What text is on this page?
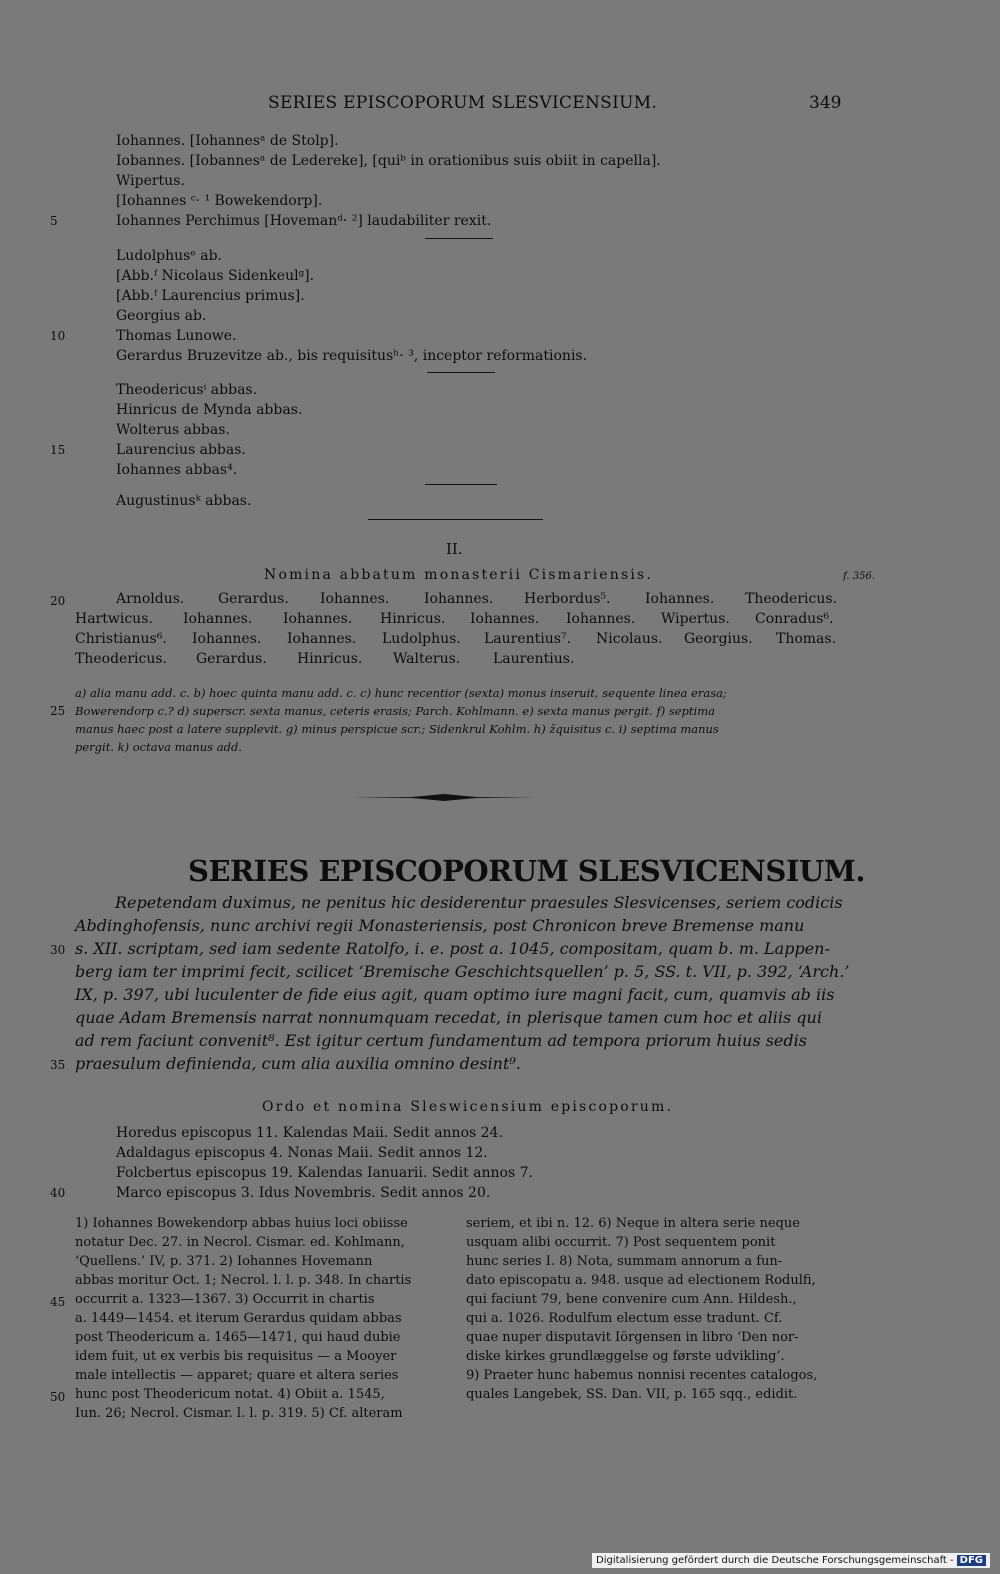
SERIES EPISCOPORUM SLESVICENSIUM.	349
Iohannes. [Iohannesᵃ de Stolp].
Iobannes. [Iobannesᵃ de Ledereke], [quiᵇ in orationibus suis obiit in capella].
Wipertus.
[Iohannes ᶜ· ¹ Bowekendorp].
5	Iohannes Perchimus [Hovemanᵈ· ²] laudabiliter rexit.
Ludolphusᵉ ab.
[Abb.ᶠ Nicolaus Sidenkeulᵍ].
[Abb.ᶠ Laurencius primus].
Georgius ab.
10	Thomas Lunowe.
Gerardus Bruzevitze ab., bis requisitusʰ· ³, inceptor reformationis.
Theodericusⁱ abbas.
Hinricus de Mynda abbas.
Wolterus abbas.
15	Laurencius abbas.
Iohannes abbas⁴.
Augustinusᵏ abbas.
II.
Nomina abbatum monasterii Cismariensis.	f. 356.
20	Arnoldus. Gerardus. Iohannes. Iohannes. Herbordus⁵. Iohannes. Theodericus.
Hartwicus. Iohannes. Iohannes. Hinricus. Iohannes. Iohannes. Wipertus. Conradus⁶.
Christianus⁶. Iohannes. Iohannes. Ludolphus. Laurentius⁷. Nicolaus. Georgius. Thomas.
Theodericus. Gerardus. Hinricus. Walterus. Laurentius.
a) alia manu add. c. b) hoec quinta manu add. c. c) hunc recentior (sexta) monus inseruit, sequente linea erasa;
25 Bowerendorp c.? d) superscr. sexta manus, ceteris erasis; Parch. Kohlmann. e) sexta manus pergit. f) septima
manus haec post a latere supplevit. g) minus perspicue scr.; Sidenkrul Kohlm. h) žquisitus c. i) septima manus
pergit. k) octava manus add.
SERIES EPISCOPORUM SLESVICENSIUM.
Repetendam duximus, ne penitus hic desiderentur praesules Slesvicenses, seriem codicis
Abdinghofensis, nunc archivi regii Monasteriensis, post Chronicon breve Bremense manu
30 s. XII. scriptam, sed iam sedente Ratolfo, i. e. post a. 1045, compositam, quam b. m. Lappen-
berg iam ter imprimi fecit, scilicet ‘Bremische Geschichtsquellen’ p. 5, SS. t. VII, p. 392, ‘Arch.’
IX, p. 397, ubi luculenter de fide eius agit, quam optimo iure magni facit, cum, quamvis ab iis
quae Adam Bremensis narrat nonnumquam recedat, in plerisque tamen cum hoc et aliis qui
ad rem faciunt convenit⁸. Est igitur certum fundamentum ad tempora priorum huius sedis
35 praesulum definienda, cum alia auxilia omnino desint⁹.
Ordo et nomina Sleswicensium episcoporum.
Horedus episcopus 11. Kalendas Maii. Sedit annos 24.
Adaldagus episcopus 4. Nonas Maii. Sedit annos 12.
Folcbertus episcopus 19. Kalendas Ianuarii. Sedit annos 7.
40	Marco episcopus 3. Idus Novembris. Sedit annos 20.
1) Iohannes Bowekendorp abbas huius loci obiisse
notatur Dec. 27. in Necrol. Cismar. ed. Kohlmann,
‘Quellens.’ IV, p. 371. 2) Iohannes Hovemann
abbas moritur Oct. 1; Necrol. l. l. p. 348. In chartis
45 occurrit a. 1323—1367. 3) Occurrit in chartis
a. 1449—1454. et iterum Gerardus quidam abbas
post Theodericum a. 1465—1471, qui haud dubie
idem fuit, ut ex verbis bis requisitus — a Mooyer
male intellectis — apparet; quare et altera series
50 hunc post Theodericum notat. 4) Obiit a. 1545,
Iun. 26; Necrol. Cismar. l. l. p. 319. 5) Cf. alteram
seriem, et ibi n. 12. 6) Neque in altera serie neque
usquam alibi occurrit. 7) Post sequentem ponit
hunc series I. 8) Nota, summam annorum a fun-
dato episcopatu a. 948. usque ad electionem Rodulfi,
qui faciunt 79, bene convenire cum Ann. Hildesh.,
qui a. 1026. Rodulfum electum esse tradunt. Cf.
quae nuper disputavit Iörgensen in libro ‘Den nor-
diske kirkes grundlæggelse og første udvikling’.
9) Praeter hunc habemus nonnisi recentes catalogos,
quales Langebek, SS. Dan. VII, p. 165 sqq., edidit.
Digitalisierung gefördert durch die Deutsche Forschungsgemeinschaft - DFG
